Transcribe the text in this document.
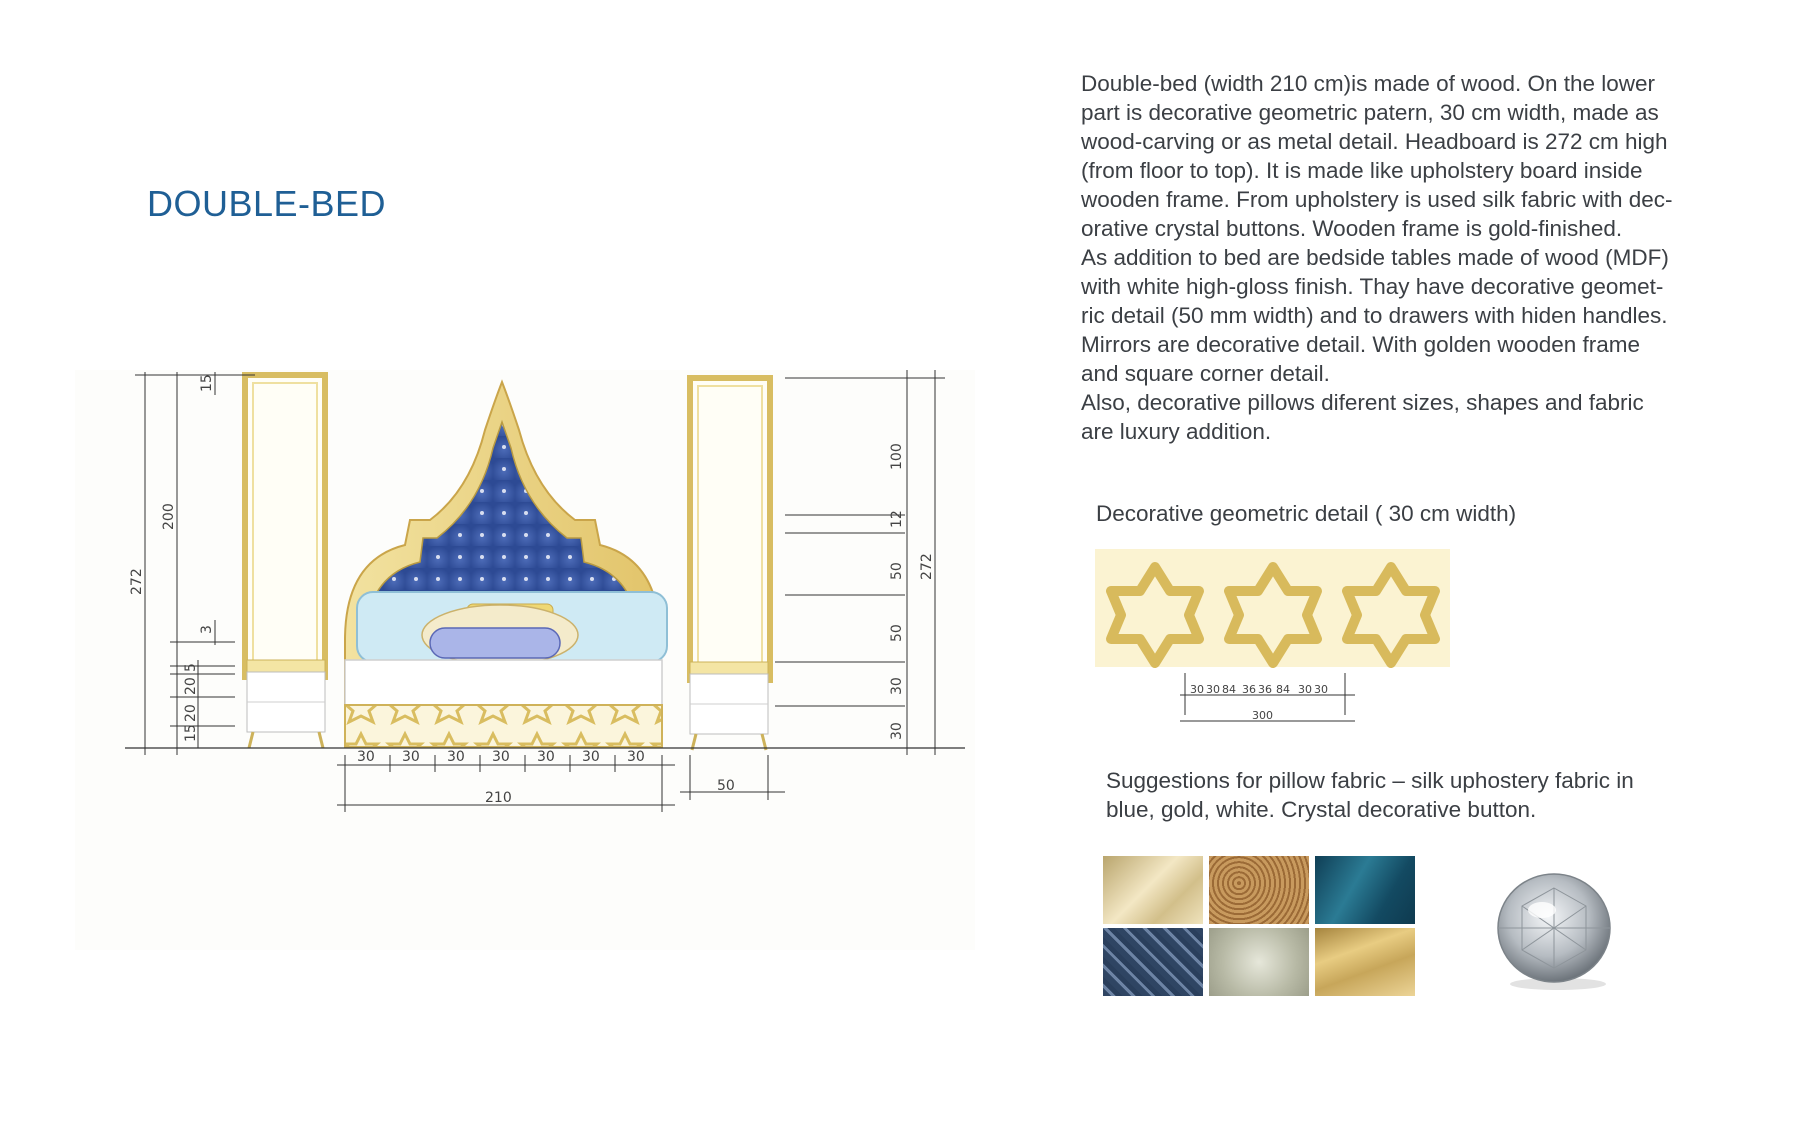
DOUBLE-BED

Double-bed (width 210 cm)is made of wood. On the lower
part is decorative geometric patern, 30 cm width, made as
wood-carving or as metal detail. Headboard is 272 cm high
(from floor to top). It is made like upholstery board inside
wooden frame. From upholstery is used silk fabric with dec-
orative crystal buttons. Wooden frame is gold-finished.
As addition to bed are bedside tables made of wood (MDF)
with white high-gloss finish. Thay have decorative geomet-
ric detail (50 mm width) and to drawers with hiden handles.
Mirrors are decorative detail. With golden wooden frame
and square corner detail.
Also, decorative pillows diferent sizes, shapes and fabric
are luxury addition.

272
200
3
15
20
15
20
5
100
12
50
50
30
30
272
30 30 30 30 30 30 30
210
50
Decorative geometric detail ( 30 cm width)
30 30 84 36 36 84 30 30
300
Suggestions for pillow fabric – silk uphostery fabric in
blue, gold, white. Crystal decorative button.
